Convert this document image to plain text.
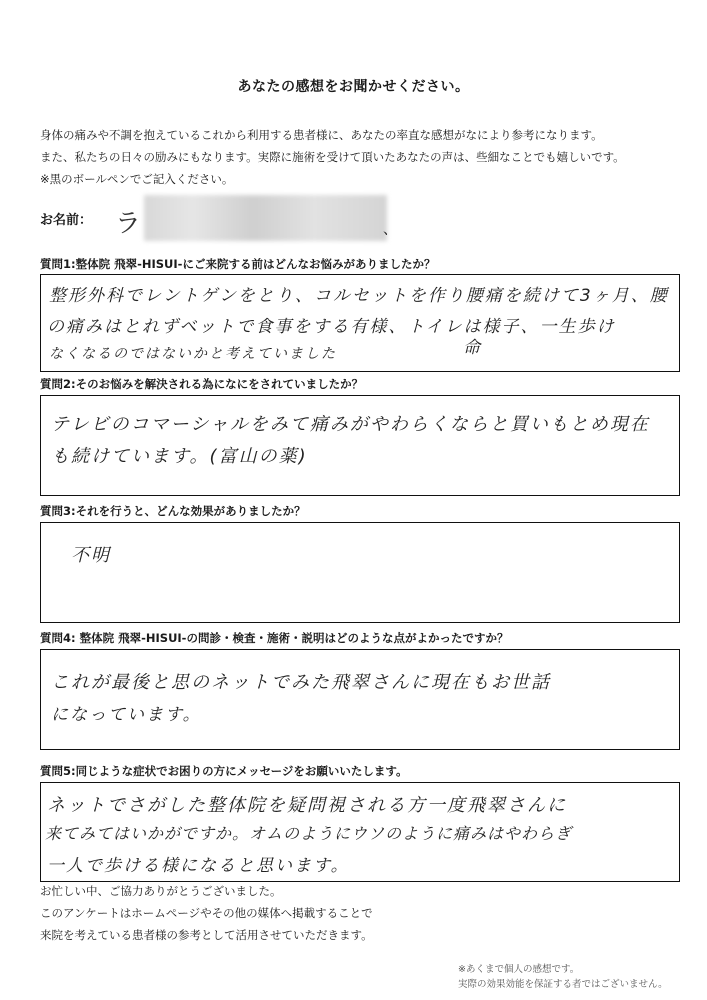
あなたの感想をお聞かせください。
身体の痛みや不調を抱えているこれから利用する患者様に、あなたの率直な感想がなにより参考になります。
また、私たちの日々の励みにもなります。実際に施術を受けて頂いたあなたの声は、些細なことでも嬉しいです。
※黒のボールペンでご記入ください。
お名前： ラ	、
質問1:整体院 飛翠-HISUI-にご来院する前はどんなお悩みがありましたか？
整形外科でレントゲンをとり、コルセットを作り腰痛を続けて3ヶ月、腰
の痛みはとれずベットで食事をする有様、トイレは様子、一生歩け
なくなるのではないかと考えていました	命
質問2:そのお悩みを解決される為になにをされていましたか？
テレビのコマーシャルをみて痛みがやわらくならと買いもとめ現在
も続けています。(富山の薬)
質問3:それを行うと、どんな効果がありましたか？
不明
質問4: 整体院 飛翠-HISUI-の問診・検査・施術・説明はどのような点がよかったですか？
これが最後と思のネットでみた飛翠さんに現在もお世話
になっています。
質問5:同じような症状でお困りの方にメッセージをお願いいたします。
ネットでさがした整体院を疑問視される方一度飛翠さんに
来てみてはいかがですか。オムのようにウソのように痛みはやわらぎ
一人で歩ける様になると思います。
お忙しい中、ご協力ありがとうございました。
このアンケートはホームページやその他の媒体へ掲載することで
来院を考えている患者様の参考として活用させていただきます。
※あくまで個人の感想です。
実際の効果効能を保証する者ではございません。
